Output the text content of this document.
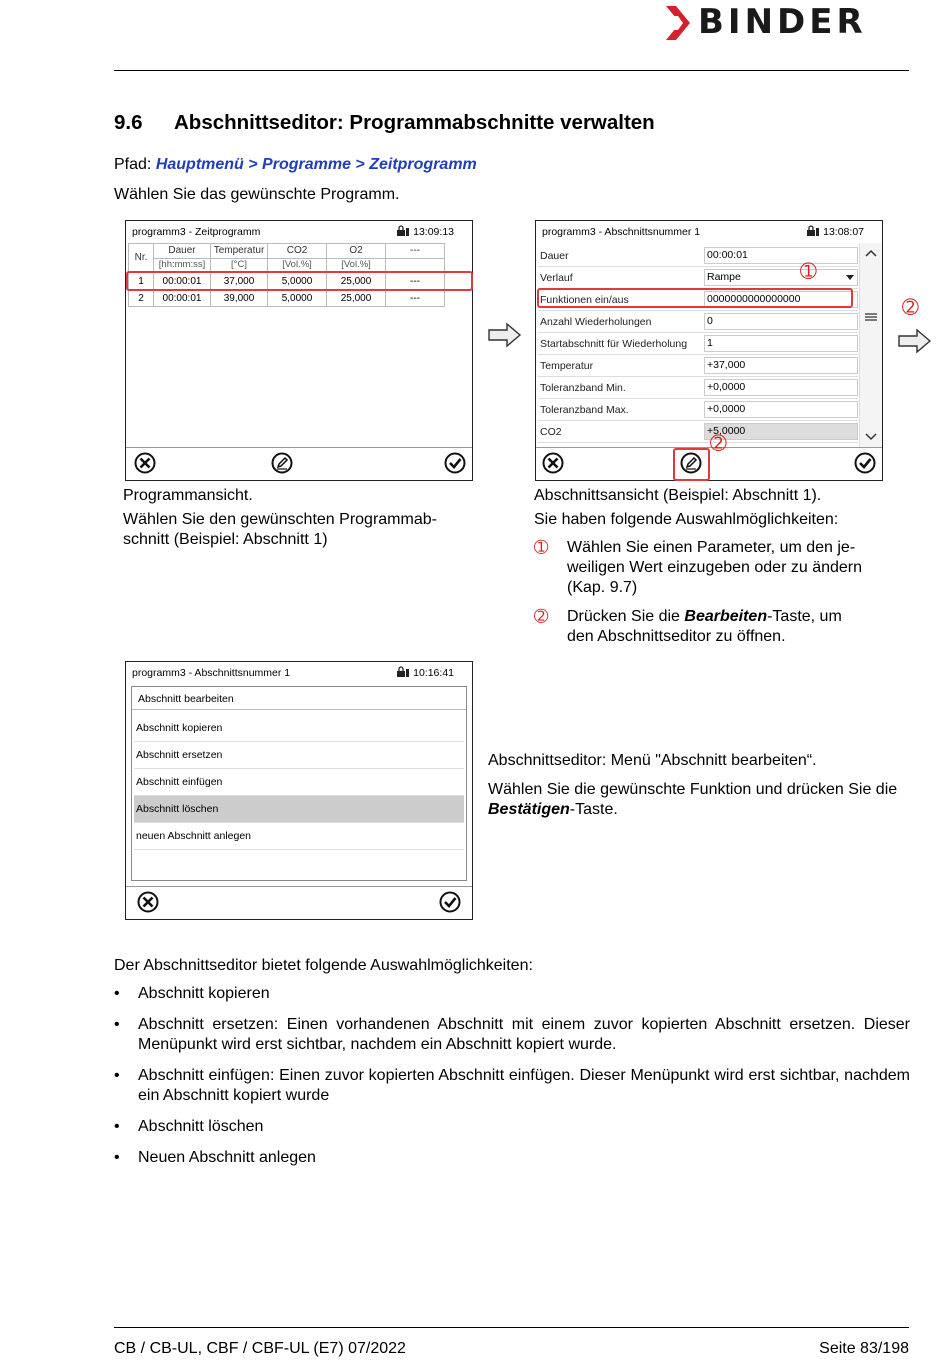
BINDER
9.6 Abschnittseditor: Programmabschnitte verwalten
Pfad: Hauptmenü > Programme > Zeitprogramm
Wählen Sie das gewünschte Programm.
programm3 - Zeitprogramm	13:09:13
Nr.	Dauer	Temperatur	CO2	O2	---
	[hh:mm:ss]	[°C]	[Vol.%]	[Vol.%]	
1	00:00:01	37,000	5,0000	25,000	---
2	00:00:01	39,000	5,0000	25,000	---
programm3 - Abschnittsnummer 1	13:08:07
Dauer	00:00:01
Verlauf	Rampe
Funktionen ein/aus	0000000000000000
Anzahl Wiederholungen	0
Startabschnitt für Wiederholung 1
Temperatur	+37,000
Toleranzband Min.	+0,0000
Toleranzband Max.	+0,0000
CO2	+5,0000
➀
➁
➁
Programmansicht.
Wählen Sie den gewünschten Programmab-
schnitt (Beispiel: Abschnitt 1)
Abschnittsansicht (Beispiel: Abschnitt 1).
Sie haben folgende Auswahlmöglichkeiten:
➀ Wählen Sie einen Parameter, um den je-
weiligen Wert einzugeben oder zu ändern
(Kap. 9.7)
➁ Drücken Sie die Bearbeiten-Taste, um
den Abschnittseditor zu öffnen.
programm3 - Abschnittsnummer 1	10:16:41
Abschnitt bearbeiten
Abschnitt kopieren
Abschnitt ersetzen
Abschnitt einfügen
Abschnitt löschen
neuen Abschnitt anlegen
Abschnittseditor: Menü "Abschnitt bearbeiten“.
Wählen Sie die gewünschte Funktion und drücken Sie die
Bestätigen-Taste.
Der Abschnittseditor bietet folgende Auswahlmöglichkeiten:
• Abschnitt kopieren
• Abschnitt ersetzen: Einen vorhandenen Abschnitt mit einem zuvor kopierten Abschnitt ersetzen. Dieser Menüpunkt wird erst sichtbar, nachdem ein Abschnitt kopiert wurde.
• Abschnitt einfügen: Einen zuvor kopierten Abschnitt einfügen. Dieser Menüpunkt wird erst sichtbar, nachdem ein Abschnitt kopiert wurde
• Abschnitt löschen
• Neuen Abschnitt anlegen
CB / CB-UL, CBF / CBF-UL (E7) 07/2022	Seite 83/198
